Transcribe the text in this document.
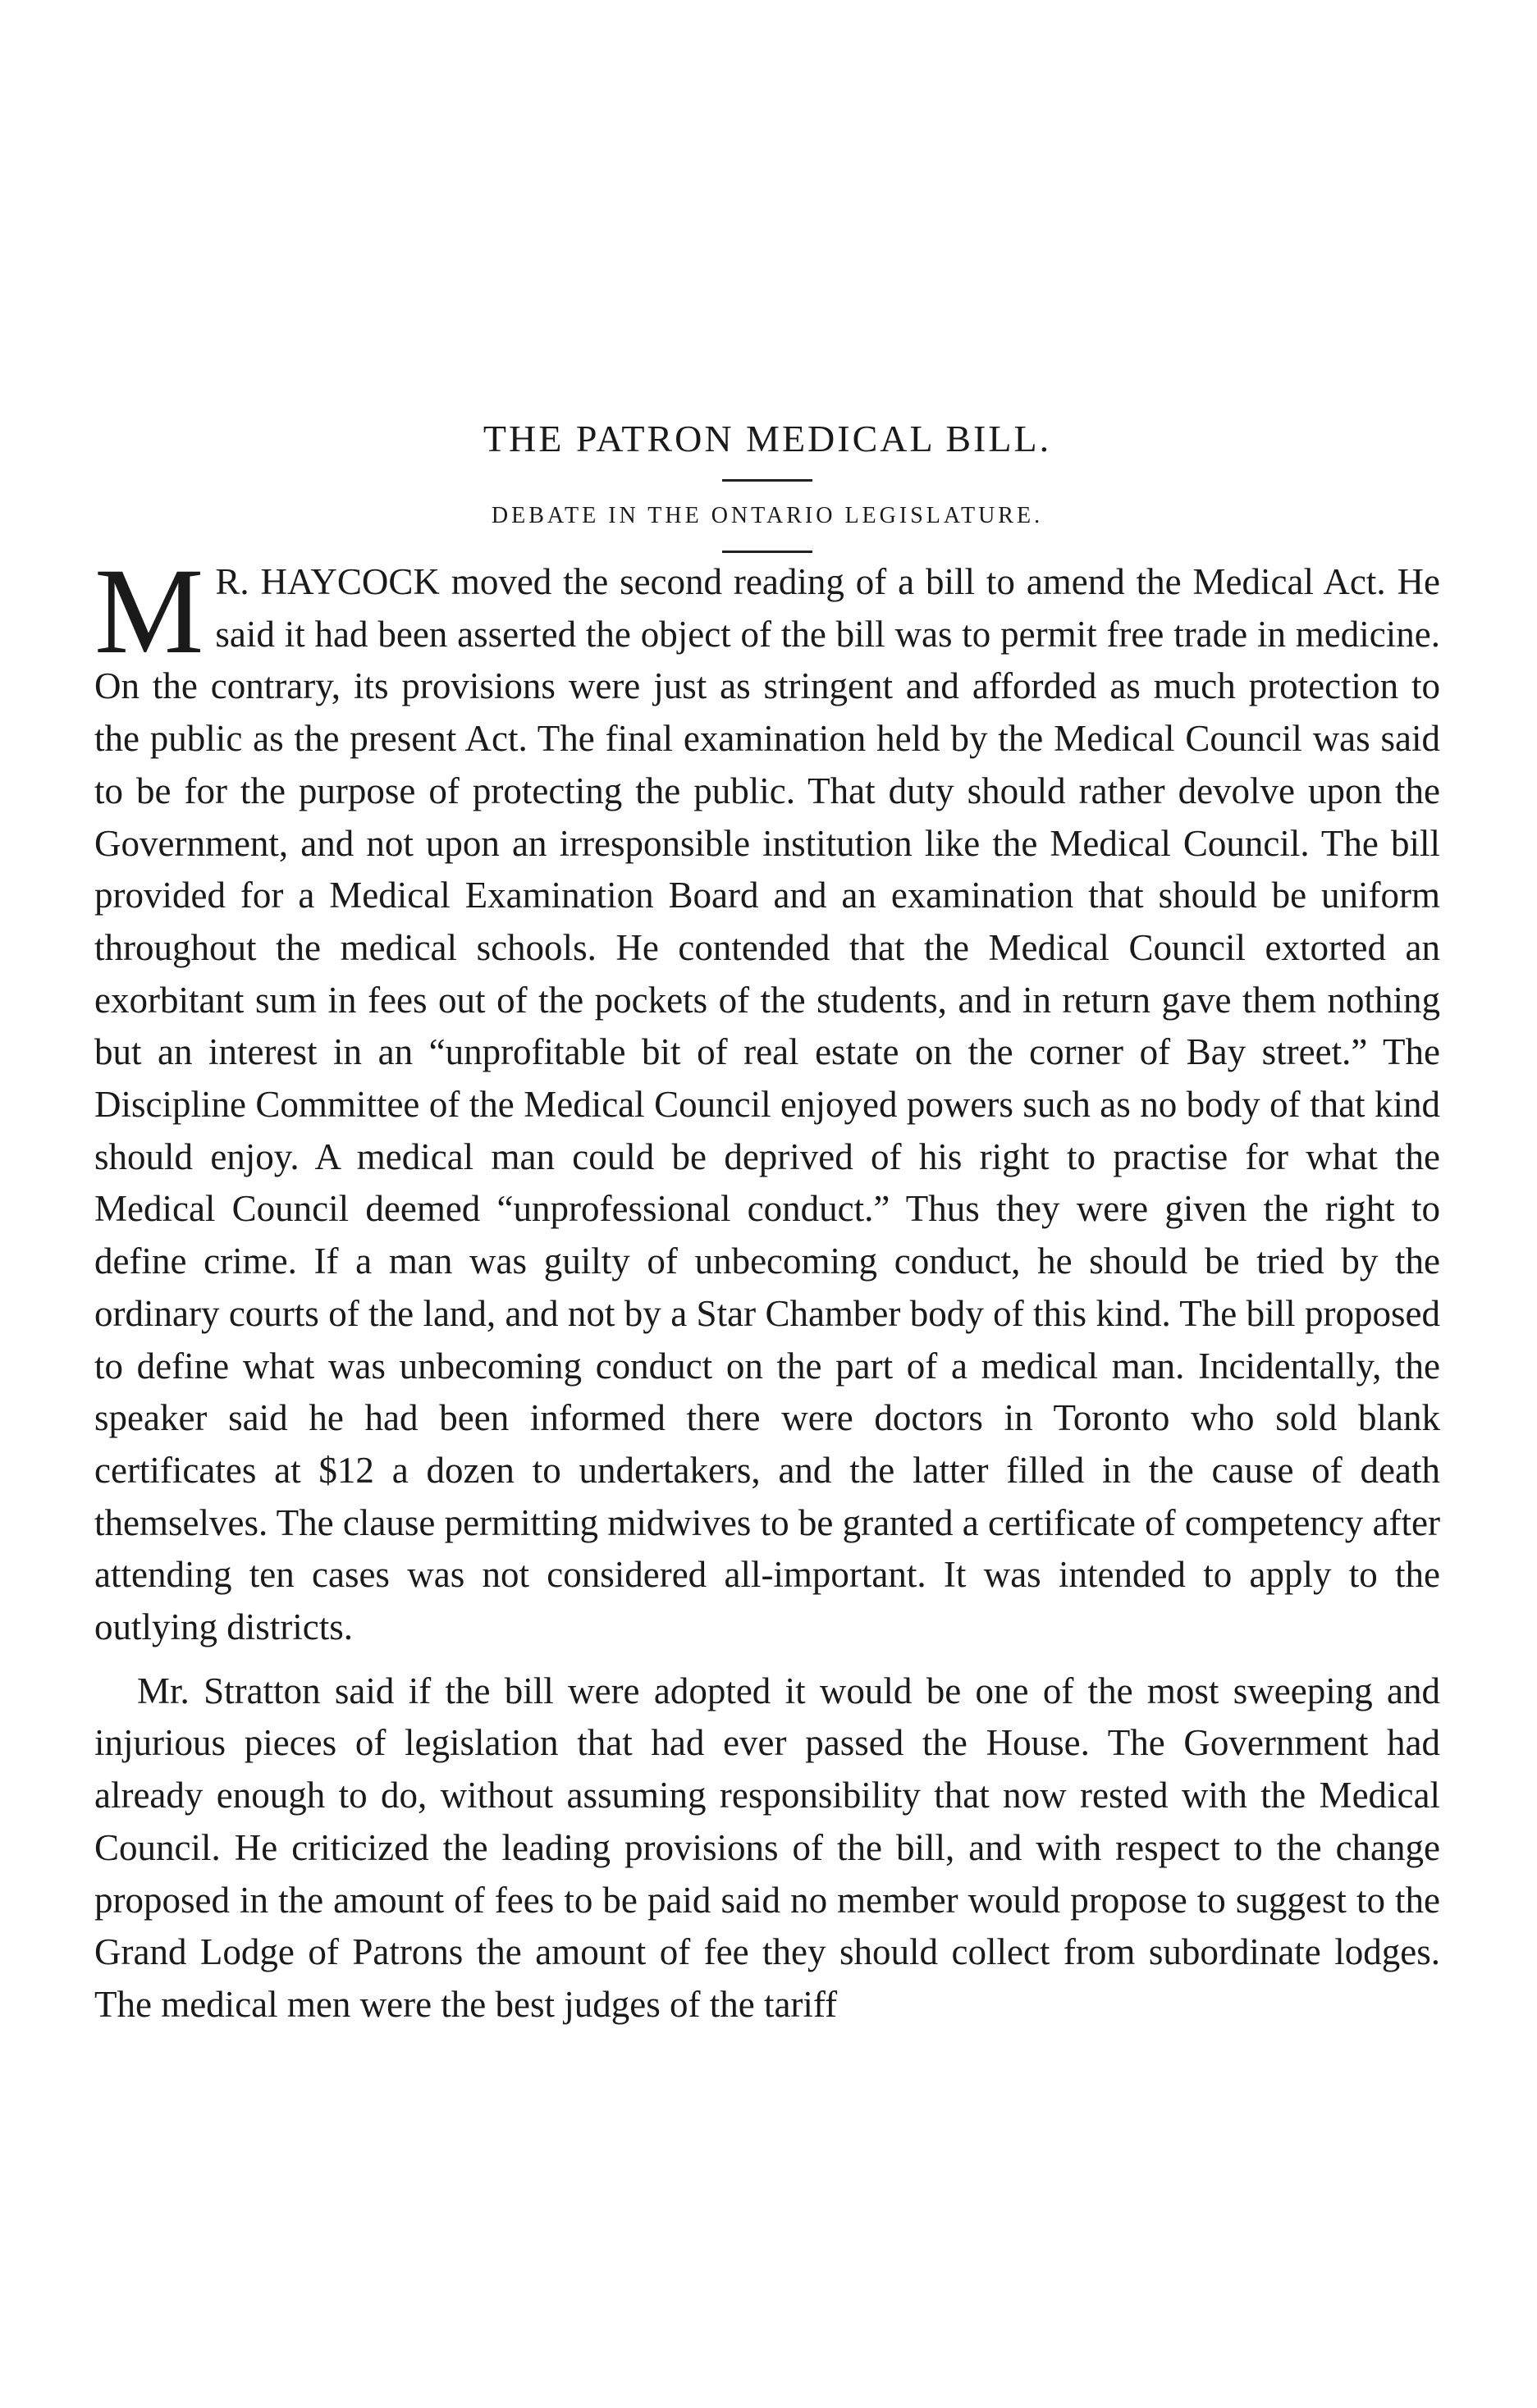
THE PATRON MEDICAL BILL.
DEBATE IN THE ONTARIO LEGISLATURE.

M R. HAYCOCK moved the second reading of a bill to amend the Medical Act. He said it had been asserted the object of the bill was to permit free trade in medicine. On the contrary, its provisions were just as stringent and afforded as much protection to the public as the present Act. The final examination held by the Medical Council was said to be for the purpose of protecting the public. That duty should rather devolve upon the Government, and not upon an irresponsible institution like the Medical Council. The bill provided for a Medical Examination Board and an examination that should be uniform throughout the medical schools. He contended that the Medical Council extorted an exorbitant sum in fees out of the pockets of the students, and in return gave them nothing but an interest in an “unprofitable bit of real estate on the corner of Bay street.” The Discipline Committee of the Medical Council enjoyed powers such as no body of that kind should enjoy. A medical man could be deprived of his right to practise for what the Medical Council deemed “unprofessional conduct.” Thus they were given the right to define crime. If a man was guilty of unbecoming conduct, he should be tried by the ordinary courts of the land, and not by a Star Chamber body of this kind. The bill proposed to define what was unbecoming conduct on the part of a medical man. Incidentally, the speaker said he had been informed there were doctors in Toronto who sold blank certificates at $12 a dozen to undertakers, and the latter filled in the cause of death themselves. The clause permitting midwives to be granted a certificate of competency after attending ten cases was not considered all-important. It was intended to apply to the outlying districts.

Mr. Stratton said if the bill were adopted it would be one of the most sweeping and injurious pieces of legislation that had ever passed the House. The Government had already enough to do, without assuming responsibility that now rested with the Medical Council. He criticized the leading provisions of the bill, and with respect to the change proposed in the amount of fees to be paid said no member would propose to suggest to the Grand Lodge of Patrons the amount of fee they should collect from subordinate lodges. The medical men were the best judges of the tariff
